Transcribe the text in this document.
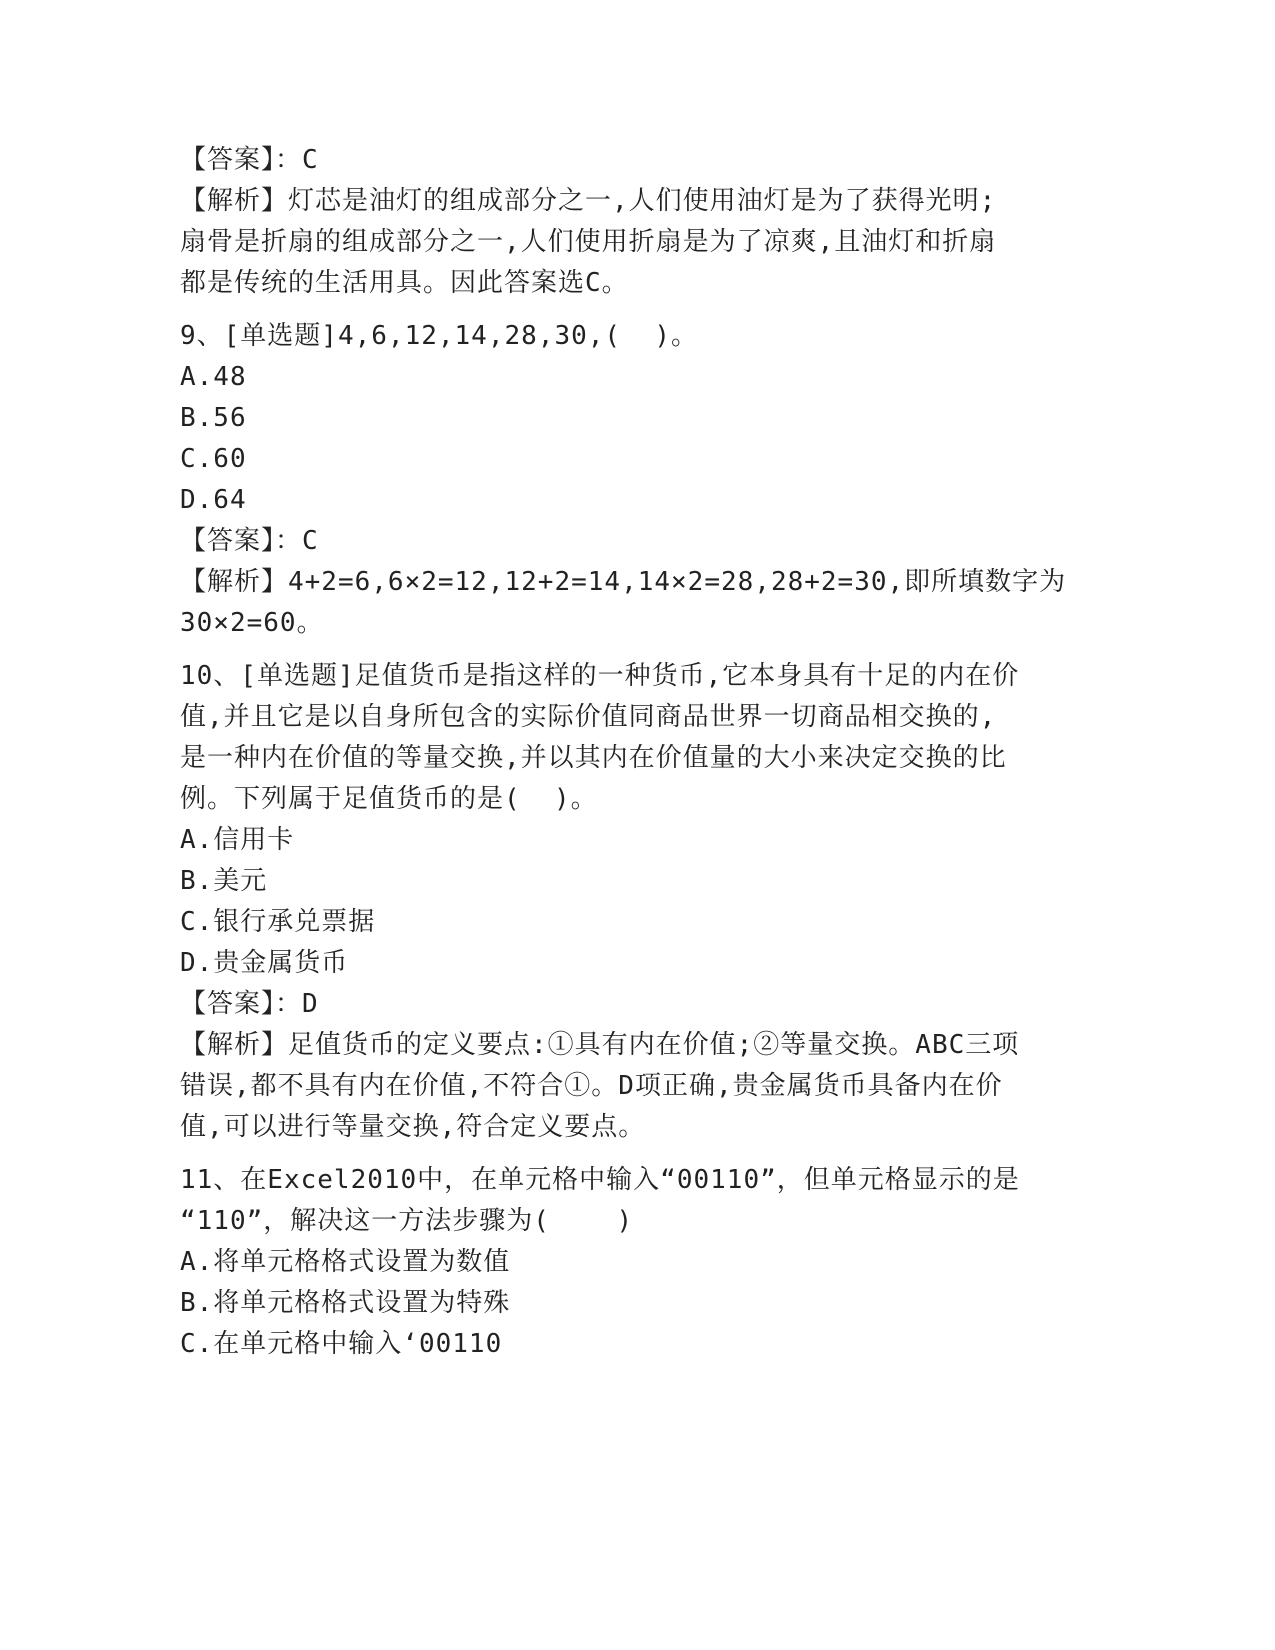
【答案】：C
【解析】灯芯是油灯的组成部分之一,人们使用油灯是为了获得光明;
扇骨是折扇的组成部分之一,人们使用折扇是为了凉爽,且油灯和折扇
都是传统的生活用具。因此答案选C。
9、[单选题]4,6,12,14,28,30,(  )。
A.48
B.56
C.60
D.64
【答案】：C
【解析】4+2=6,6×2=12,12+2=14,14×2=28,28+2=30,即所填数字为
30×2=60。
10、[单选题]足值货币是指这样的一种货币,它本身具有十足的内在价
值,并且它是以自身所包含的实际价值同商品世界一切商品相交换的,
是一种内在价值的等量交换,并以其内在价值量的大小来决定交换的比
例。下列属于足值货币的是(  )。
A.信用卡
B.美元
C.银行承兑票据
D.贵金属货币
【答案】：D
【解析】足值货币的定义要点:①具有内在价值;②等量交换。ABC三项
错误,都不具有内在价值,不符合①。D项正确,贵金属货币具备内在价
值,可以进行等量交换,符合定义要点。
11、在Excel2010中，在单元格中输入“00110”，但单元格显示的是
“110”，解决这一方法步骤为(    )
A.将单元格格式设置为数值
B.将单元格格式设置为特殊
C.在单元格中输入‘00110
